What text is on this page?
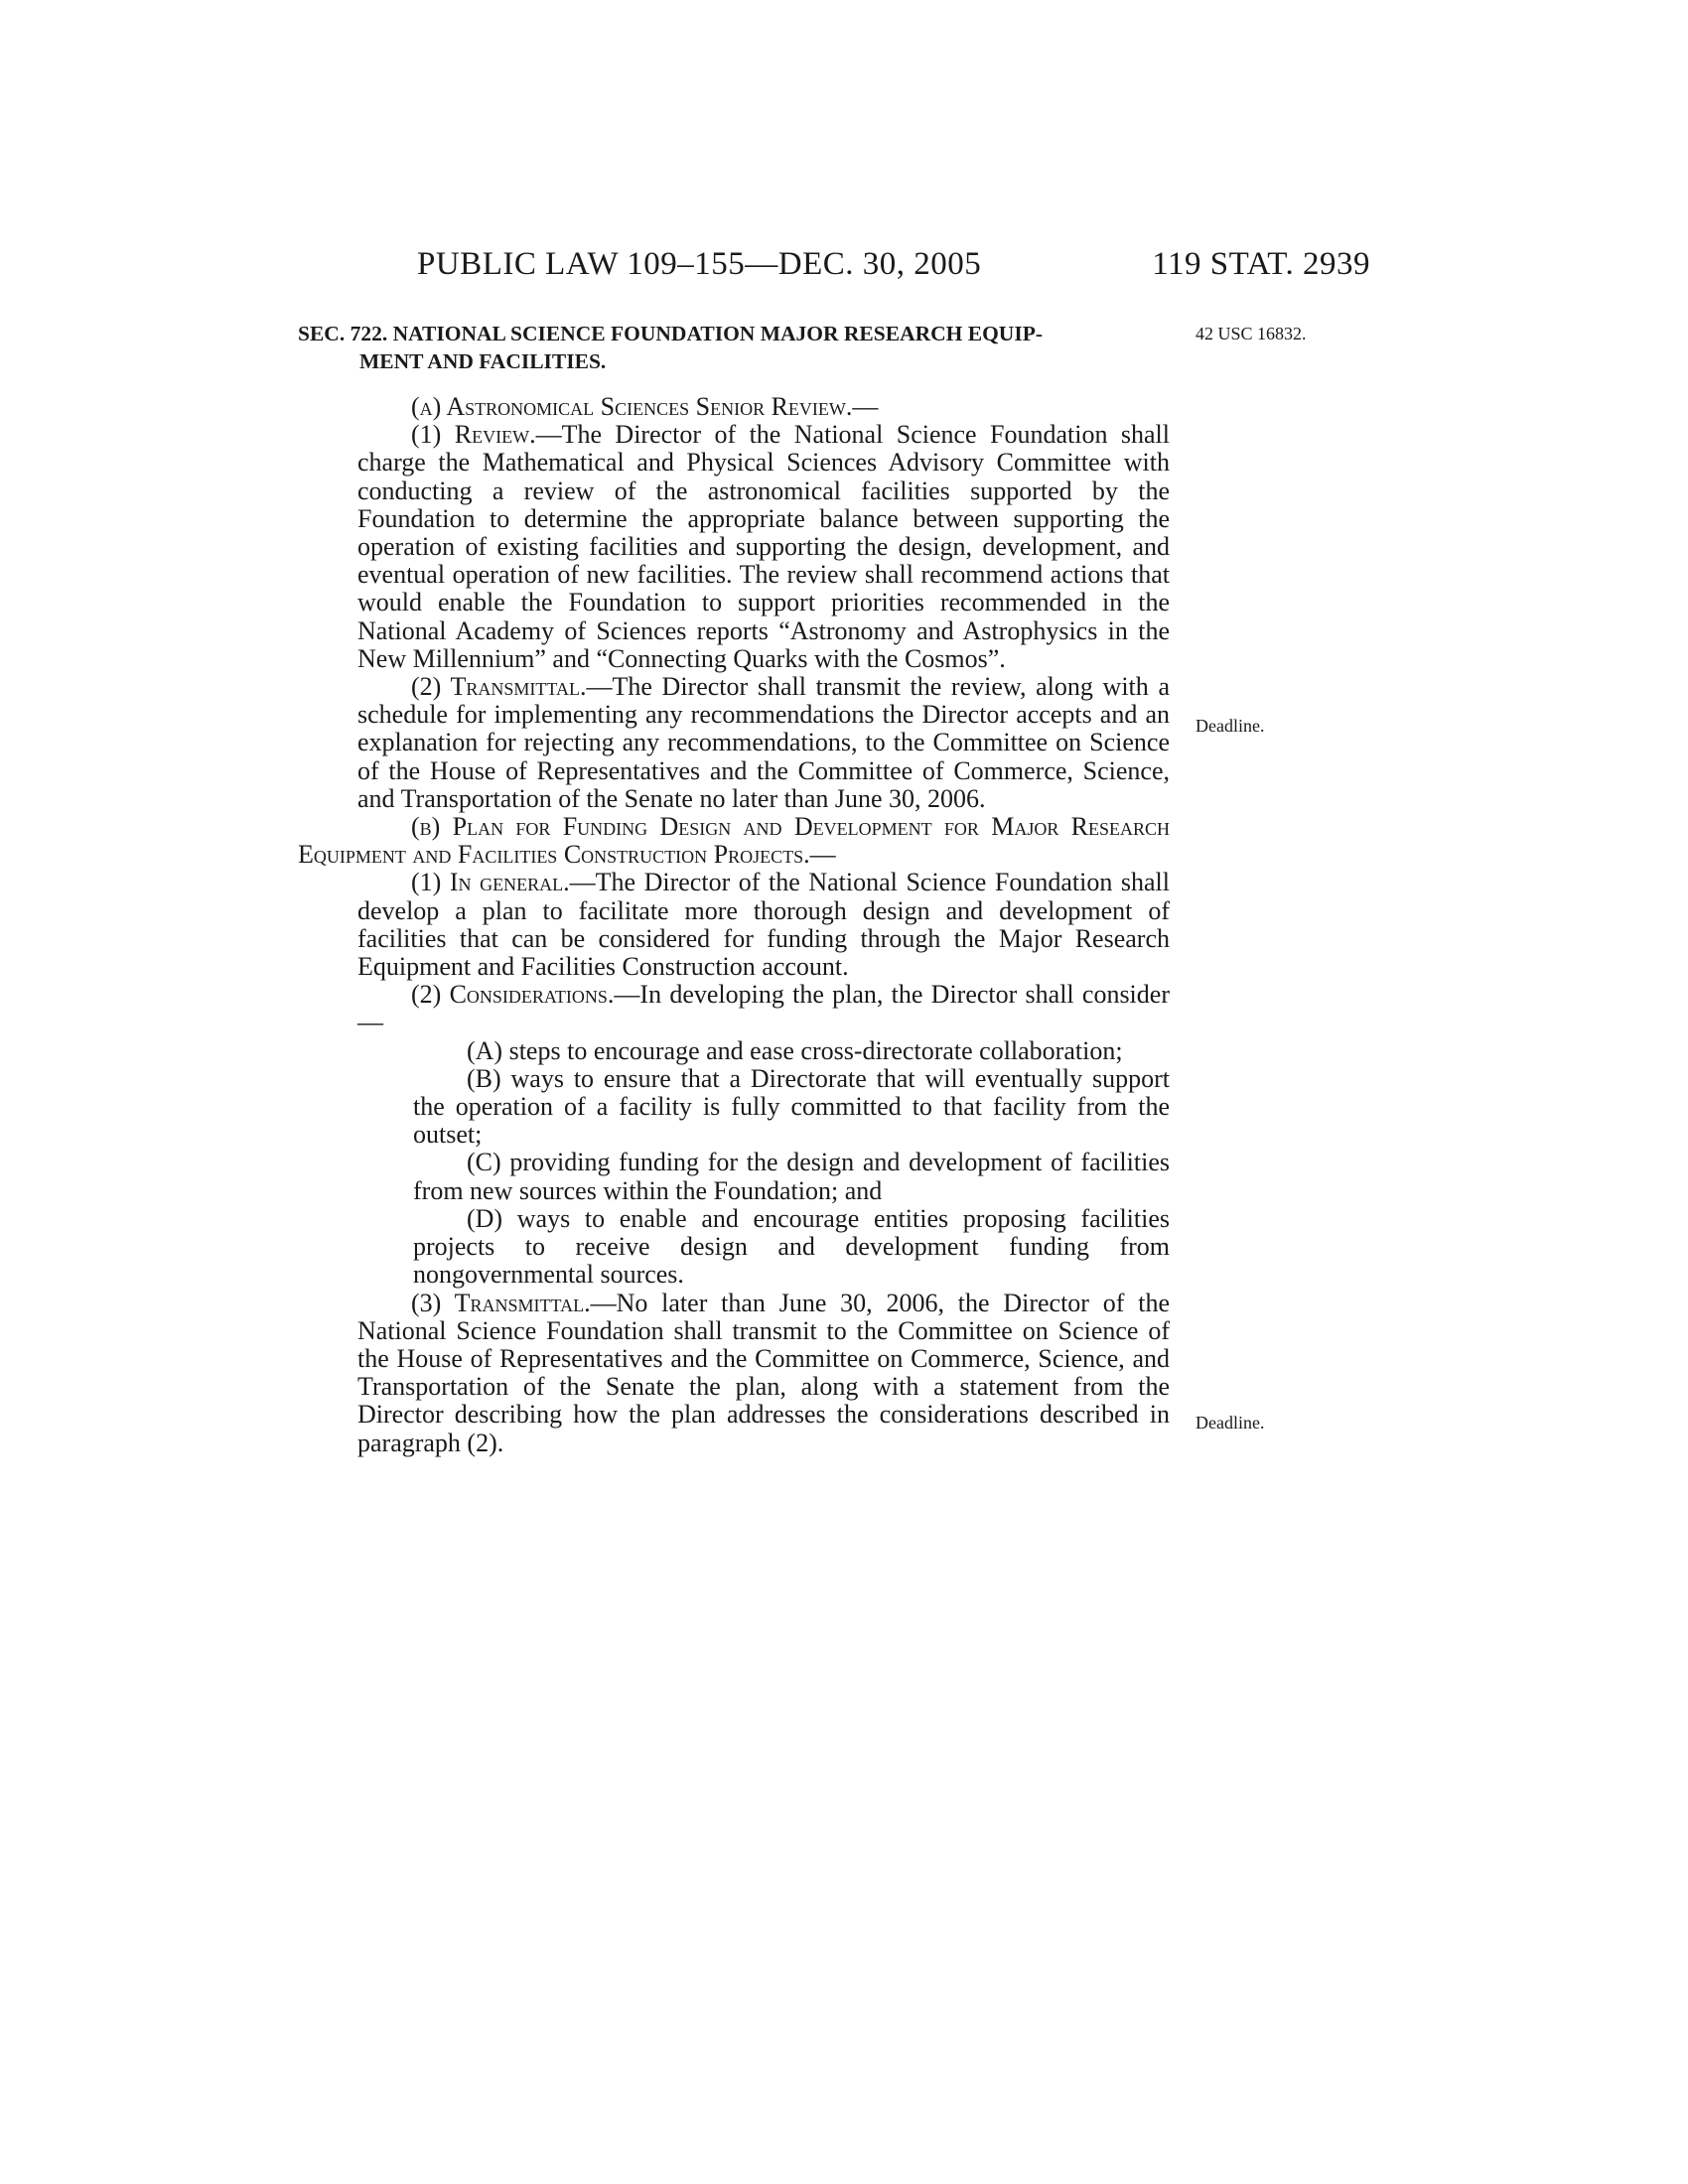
PUBLIC LAW 109–155—DEC. 30, 2005	119 STAT. 2939
SEC. 722. NATIONAL SCIENCE FOUNDATION MAJOR RESEARCH EQUIP-
MENT AND FACILITIES.
42 USC 16832.
Deadline.
Deadline.

(a) Astronomical Sciences Senior Review.—

(1) Review.—The Director of the National Science Foundation shall charge the Mathematical and Physical Sciences Advisory Committee with conducting a review of the astronomical facilities supported by the Foundation to determine the appropriate balance between supporting the operation of existing facilities and supporting the design, development, and eventual operation of new facilities. The review shall recommend actions that would enable the Foundation to support priorities recommended in the National Academy of Sciences reports “Astronomy and Astrophysics in the New Millennium” and “Connecting Quarks with the Cosmos”.

(2) Transmittal.—The Director shall transmit the review, along with a schedule for implementing any recommendations the Director accepts and an explanation for rejecting any recommendations, to the Committee on Science of the House of Representatives and the Committee of Commerce, Science, and Transportation of the Senate no later than June 30, 2006.

(b) Plan for Funding Design and Development for Major Research Equipment and Facilities Construction Projects.—

(1) In general.—The Director of the National Science Foundation shall develop a plan to facilitate more thorough design and development of facilities that can be considered for funding through the Major Research Equipment and Facilities Construction account.

(2) Considerations.—In developing the plan, the Director shall consider—

(A) steps to encourage and ease cross-directorate collaboration;

(B) ways to ensure that a Directorate that will eventually support the operation of a facility is fully committed to that facility from the outset;

(C) providing funding for the design and development of facilities from new sources within the Foundation; and

(D) ways to enable and encourage entities proposing facilities projects to receive design and development funding from nongovernmental sources.

(3) Transmittal.—No later than June 30, 2006, the Director of the National Science Foundation shall transmit to the Committee on Science of the House of Representatives and the Committee on Commerce, Science, and Transportation of the Senate the plan, along with a statement from the Director describing how the plan addresses the considerations described in paragraph (2).
